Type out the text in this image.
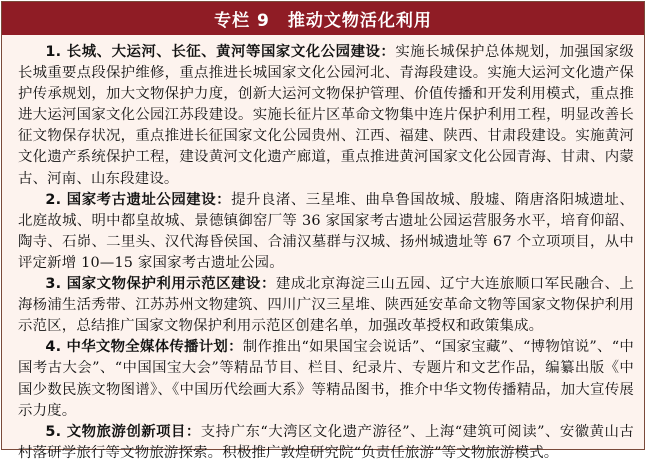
专栏 9 推动文物活化利用

1. 长城、大运河、长征、黄河等国家文化公园建设：实施长城保护总体规划，加强国家级长城重要点段保护维修，重点推进长城国家文化公园河北、青海段建设。实施大运河文化遗产保护传承规划，加大文物保护力度，创新大运河文物保护管理、价值传播和开发利用模式，重点推进大运河国家文化公园江苏段建设。实施长征片区革命文物集中连片保护利用工程，明显改善长征文物保存状况，重点推进长征国家文化公园贵州、江西、福建、陕西、甘肃段建设。实施黄河文化遗产系统保护工程，建设黄河文化遗产廊道，重点推进黄河国家文化公园青海、甘肃、内蒙古、河南、山东段建设。

2. 国家考古遗址公园建设：提升良渚、三星堆、曲阜鲁国故城、殷墟、隋唐洛阳城遗址、北庭故城、明中都皇故城、景德镇御窑厂等 36 家国家考古遗址公园运营服务水平，培育仰韶、陶寺、石峁、二里头、汉代海昏侯国、合浦汉墓群与汉城、扬州城遗址等 67 个立项项目，从中评定新增 10—15 家国家考古遗址公园。

3. 国家文物保护利用示范区建设：建成北京海淀三山五园、辽宁大连旅顺口军民融合、上海杨浦生活秀带、江苏苏州文物建筑、四川广汉三星堆、陕西延安革命文物等国家文物保护利用示范区，总结推广国家文物保护利用示范区创建名单，加强改革授权和政策集成。

4. 中华文物全媒体传播计划：制作推出“如果国宝会说话”、“国家宝藏”、“博物馆说”、“中国考古大会”、“中国国宝大会”等精品节目、栏目、纪录片、专题片和文艺作品，编纂出版《中国少数民族文物图谱》、《中国历代绘画大系》等精品图书，推介中华文物传播精品，加大宣传展示力度。

5. 文物旅游创新项目：支持广东“大湾区文化遗产游径”、上海“建筑可阅读”、安徽黄山古村落研学旅行等文物旅游探索。积极推广敦煌研究院“负责任旅游”等文物旅游模式。
